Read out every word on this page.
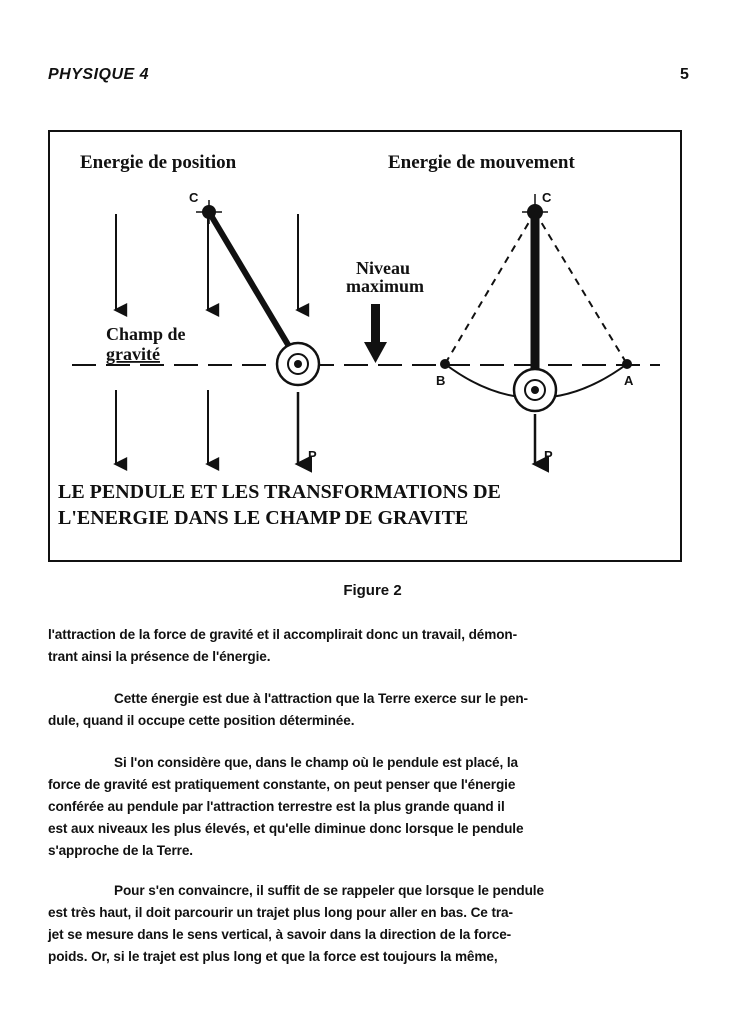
PHYSIQUE 4	5
Energie de position	Energie de mouvement
P
Champ de
gravité
C
Niveau
maximum
C
B	A
P
LE PENDULE ET LES TRANSFORMATIONS DE
L'ENERGIE DANS LE CHAMP DE GRAVITE
Figure 2
l'attraction de la force de gravité et il accomplirait donc un travail, démon-
trant ainsi la présence de l'énergie.
Cette énergie est due à l'attraction que la Terre exerce sur le pen-
dule, quand il occupe cette position déterminée.
Si l'on considère que, dans le champ où le pendule est placé, la
force de gravité est pratiquement constante, on peut penser que l'énergie
conférée au pendule par l'attraction terrestre est la plus grande quand il
est aux niveaux les plus élevés, et qu'elle diminue donc lorsque le pendule
s'approche de la Terre.
Pour s'en convaincre, il suffit de se rappeler que lorsque le pendule
est très haut, il doit parcourir un trajet plus long pour aller en bas. Ce tra-
jet se mesure dans le sens vertical, à savoir dans la direction de la force-
poids. Or, si le trajet est plus long et que la force est toujours la même,
